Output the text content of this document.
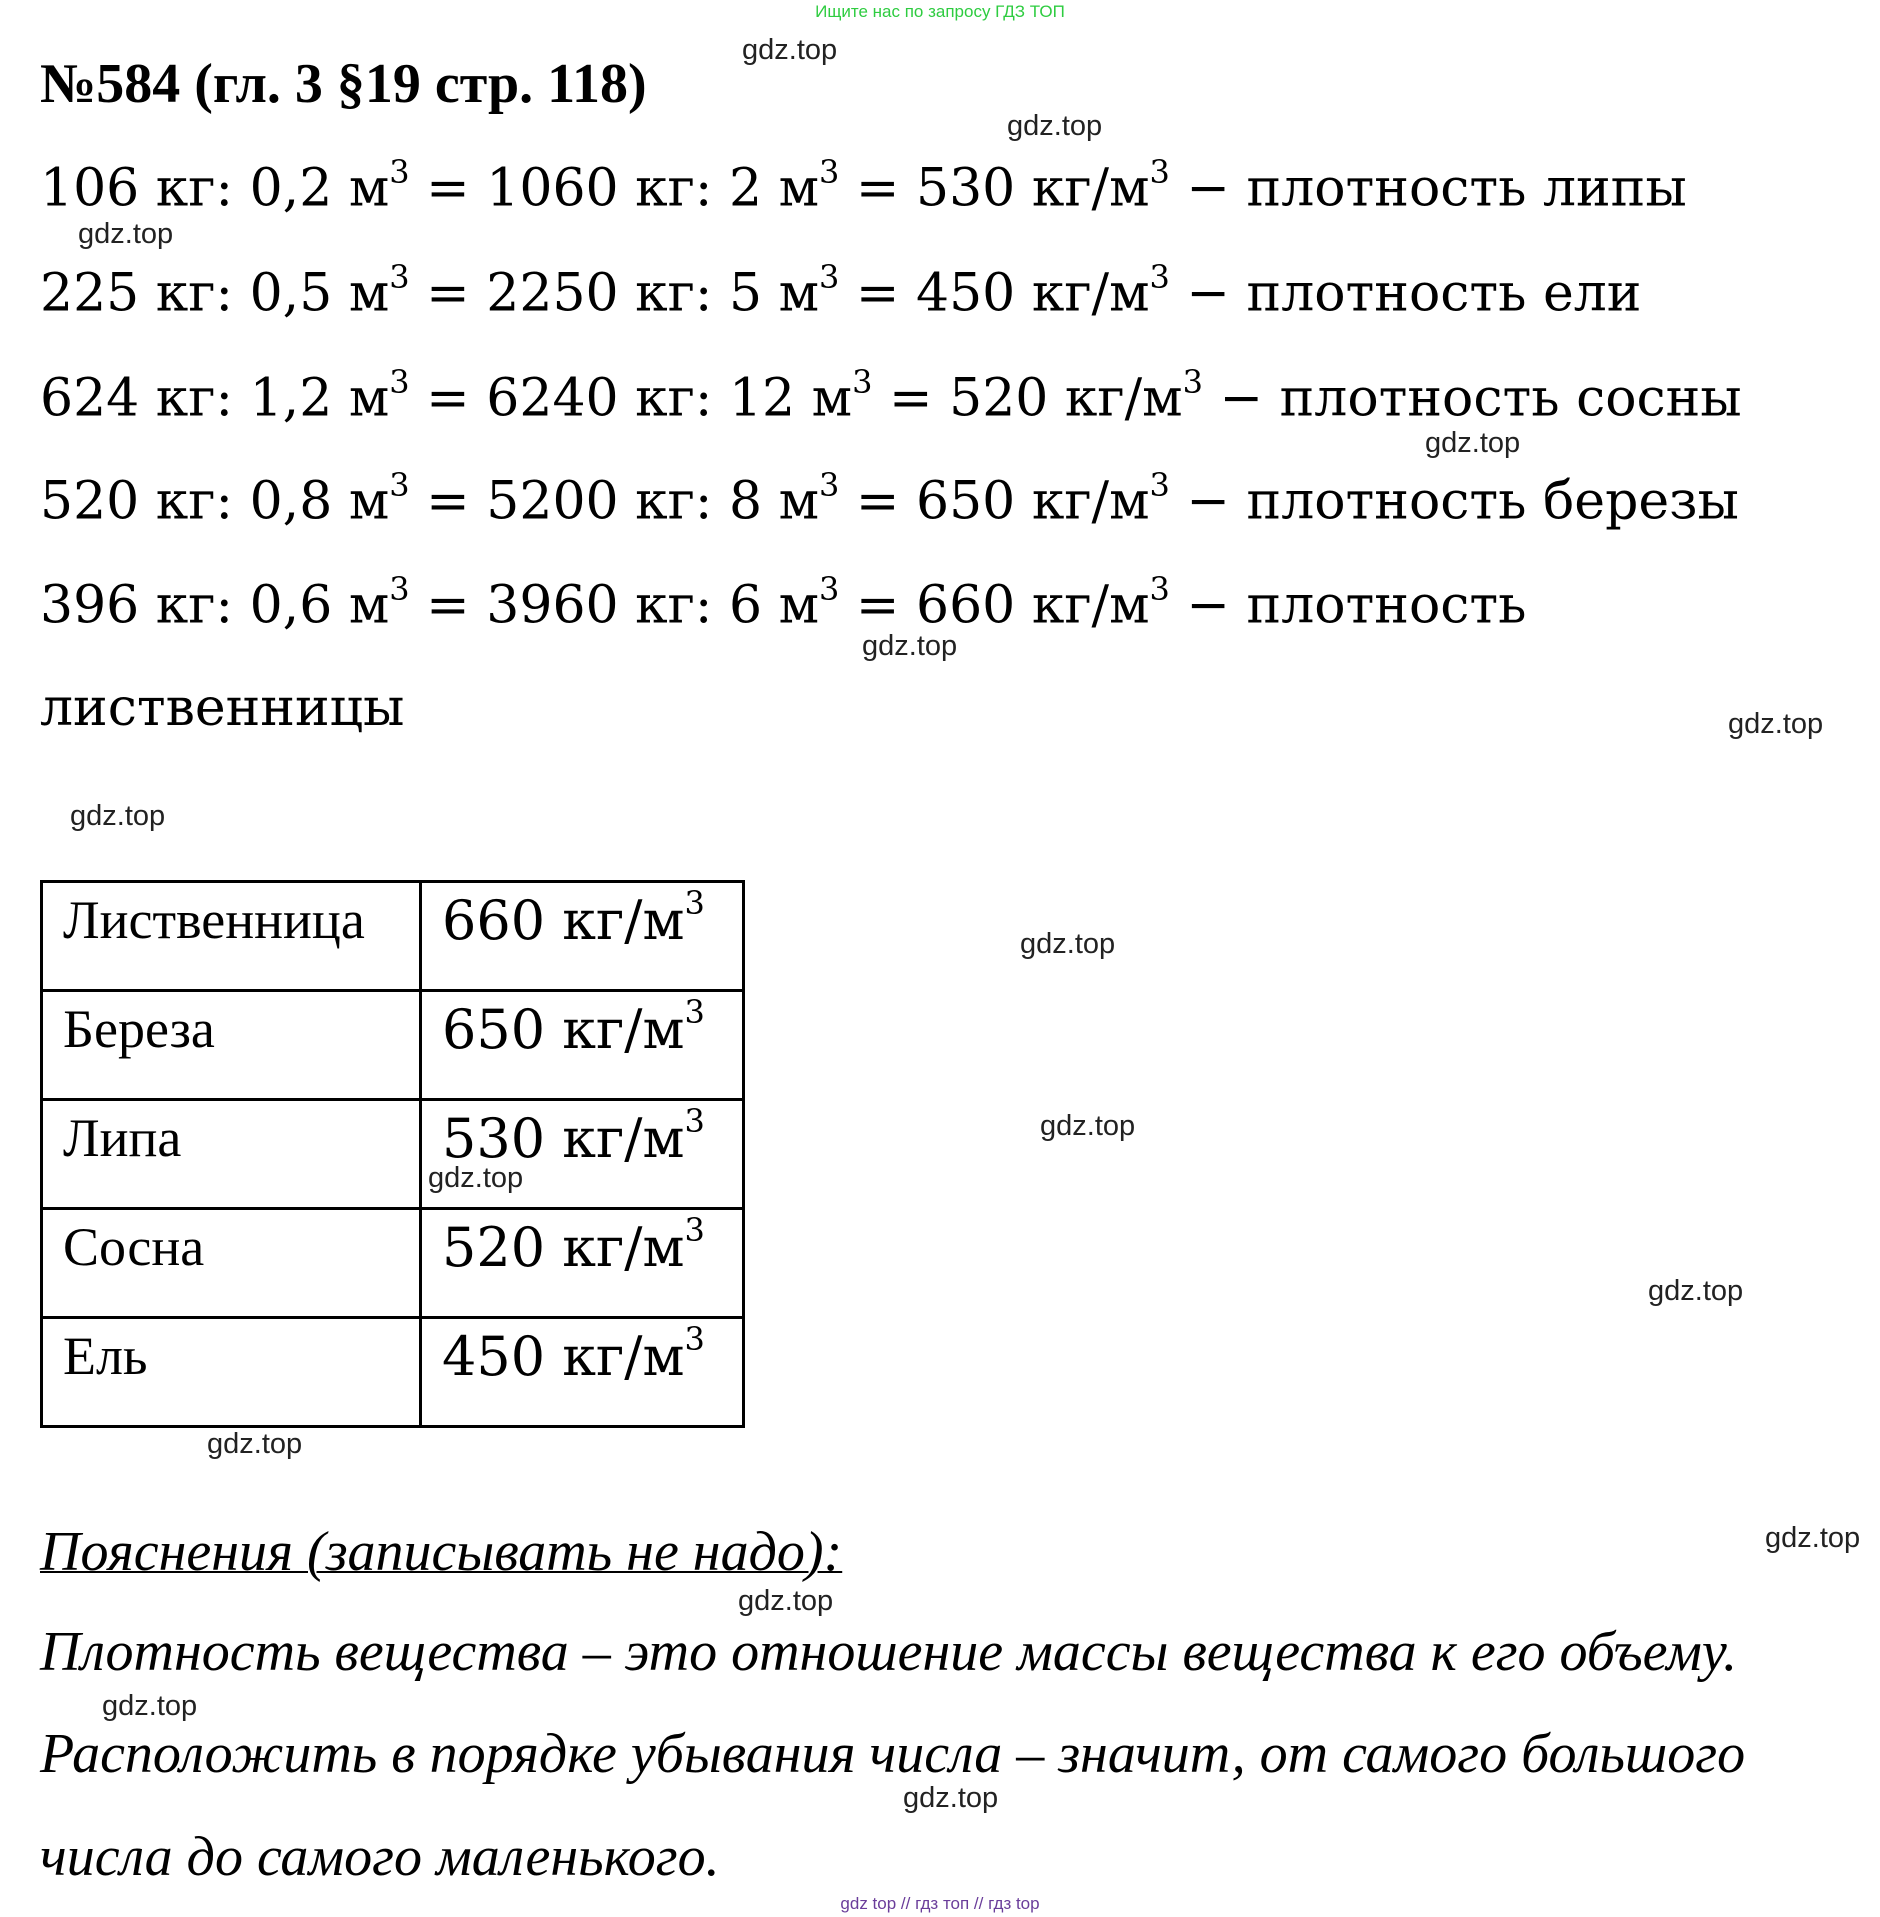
Ищите нас по запросу ГДЗ ТОП
№584 (гл. 3 §19 стр. 118)
106 кг: 0,2 $м^3 = 1060$ кг: 2 $м^3 = 530$ $кг/м^3$ − плотность липы
225 кг: 0,5 $м^3 = 2250$ кг: 5 $м^3 = 450$ $кг/м^3$ − плотность ели
624 кг: 1,2 $м^3 = 6240$ кг: 12 $м^3 = 520$ $кг/м^3$ − плотность сосны
520 кг: 0,8 $м^3 = 5200$ кг: 8 $м^3 = 650$ $кг/м^3$ − плотность березы
396 кг: 0,6 $м^3 = 3960$ кг: 6 $м^3 = 660$ $кг/м^3$ − плотность
лиственницы
Лиственница	660 $кг/м^3$
Береза	650 $кг/м^3$
Липа	530 $кг/м^3$
Сосна	520 $кг/м^3$
Ель	450 $кг/м^3$
Пояснения (записывать не надо):
Плотность вещества – это отношение массы вещества к его объему.
Расположить в порядке убывания числа – значит, от самого большого
числа до самого маленького.
gdz.top
gdz.top
gdz.top
gdz.top
gdz.top
gdz.top
gdz.top
gdz.top
gdz.top
gdz.top
gdz.top
gdz.top
gdz.top
gdz.top
gdz.top
gdz.top
gdz top // гдз топ // гдз top
